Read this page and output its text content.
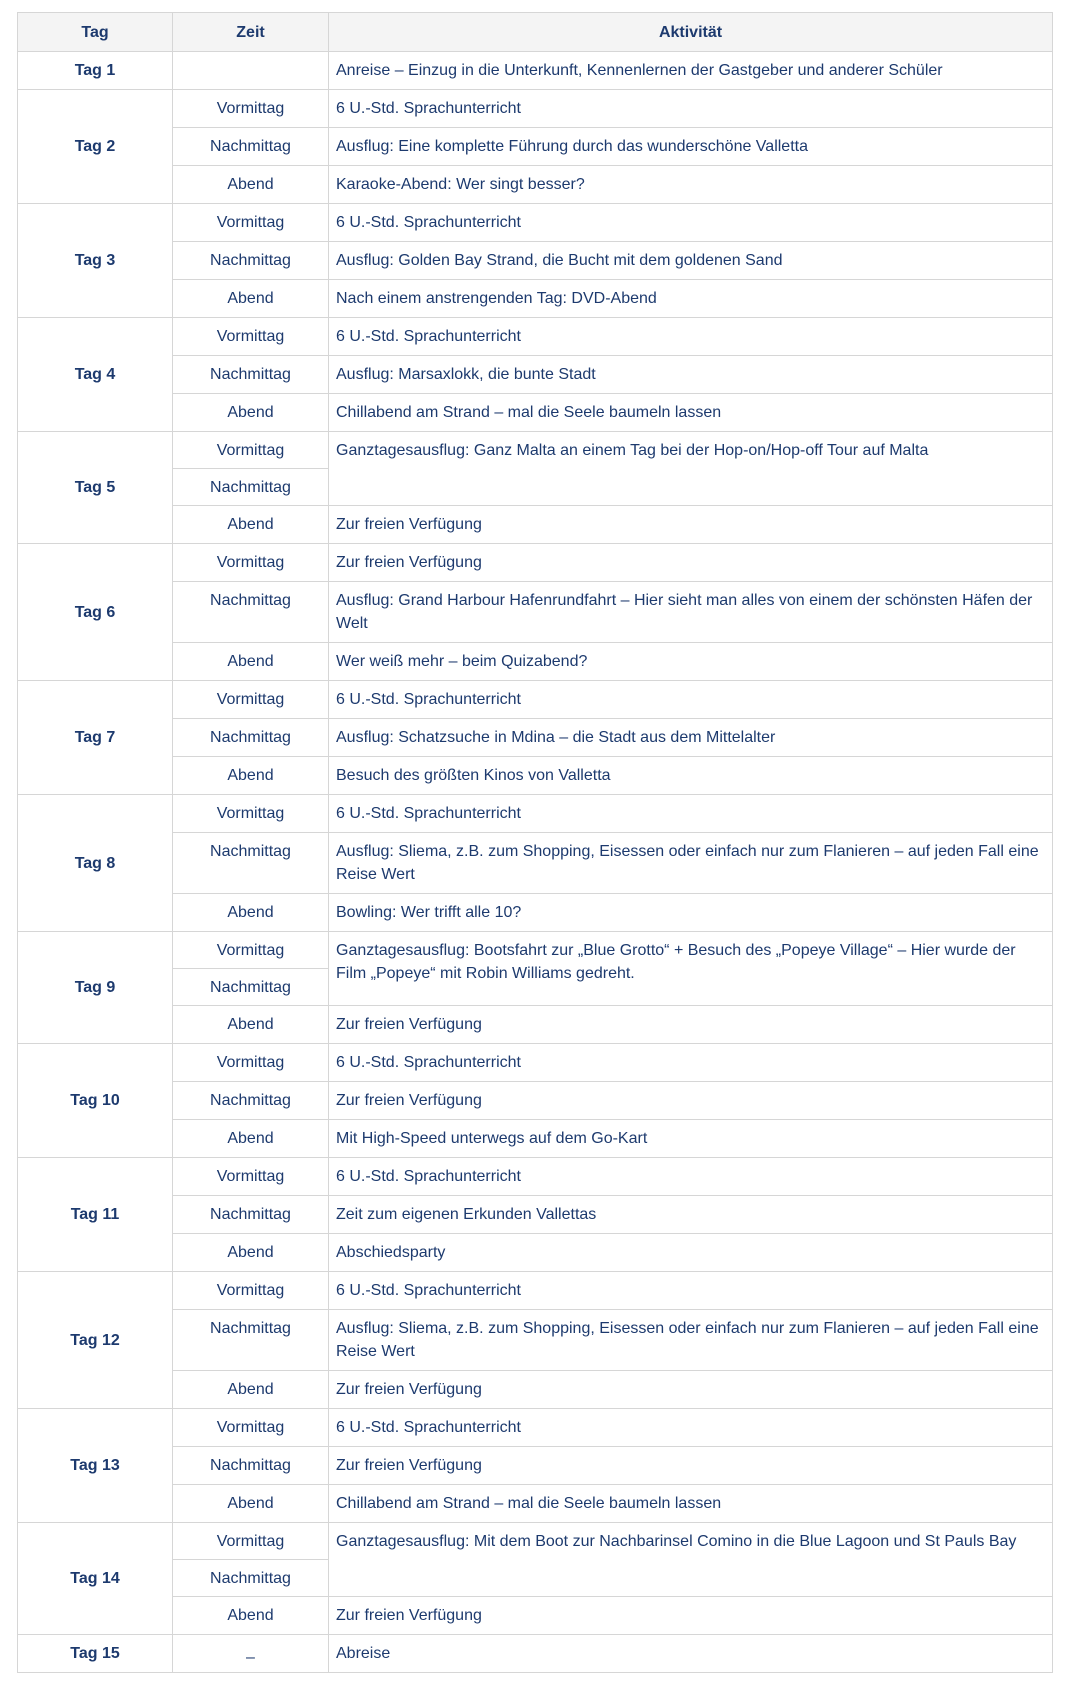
Tag	Zeit	Aktivität
Tag 1		Anreise – Einzug in die Unterkunft, Kennenlernen der Gastgeber und anderer Schüler
Tag 2	Vormittag	6 U.-Std. Sprachunterricht
	Nachmittag	Ausflug: Eine komplette Führung durch das wunderschöne Valletta
	Abend	Karaoke-Abend: Wer singt besser?
Tag 3	Vormittag	6 U.-Std. Sprachunterricht
	Nachmittag	Ausflug: Golden Bay Strand, die Bucht mit dem goldenen Sand
	Abend	Nach einem anstrengenden Tag: DVD-Abend
Tag 4	Vormittag	6 U.-Std. Sprachunterricht
	Nachmittag	Ausflug: Marsaxlokk, die bunte Stadt
	Abend	Chillabend am Strand – mal die Seele baumeln lassen
Tag 5	Vormittag	Ganztagesausflug: Ganz Malta an einem Tag bei der Hop-on/Hop-off Tour auf Malta
	Nachmittag	
	Abend	Zur freien Verfügung
Tag 6	Vormittag	Zur freien Verfügung
	Nachmittag	Ausflug: Grand Harbour Hafenrundfahrt – Hier sieht man alles von einem der schönsten Häfen der Welt
	Abend	Wer weiß mehr – beim Quizabend?
Tag 7	Vormittag	6 U.-Std. Sprachunterricht
	Nachmittag	Ausflug: Schatzsuche in Mdina – die Stadt aus dem Mittelalter
	Abend	Besuch des größten Kinos von Valletta
Tag 8	Vormittag	6 U.-Std. Sprachunterricht
	Nachmittag	Ausflug: Sliema, z.B. zum Shopping, Eisessen oder einfach nur zum Flanieren – auf jeden Fall eine Reise Wert
	Abend	Bowling: Wer trifft alle 10?
Tag 9	Vormittag	Ganztagesausflug: Bootsfahrt zur „Blue Grotto“ + Besuch des „Popeye Village“ – Hier wurde der Film „Popeye“ mit Robin Williams gedreht.
	Nachmittag	
	Abend	Zur freien Verfügung
Tag 10	Vormittag	6 U.-Std. Sprachunterricht
	Nachmittag	Zur freien Verfügung
	Abend	Mit High-Speed unterwegs auf dem Go-Kart
Tag 11	Vormittag	6 U.-Std. Sprachunterricht
	Nachmittag	Zeit zum eigenen Erkunden Vallettas
	Abend	Abschiedsparty
Tag 12	Vormittag	6 U.-Std. Sprachunterricht
	Nachmittag	Ausflug: Sliema, z.B. zum Shopping, Eisessen oder einfach nur zum Flanieren – auf jeden Fall eine Reise Wert
	Abend	Zur freien Verfügung
Tag 13	Vormittag	6 U.-Std. Sprachunterricht
	Nachmittag	Zur freien Verfügung
	Abend	Chillabend am Strand – mal die Seele baumeln lassen
Tag 14	Vormittag	Ganztagesausflug: Mit dem Boot zur Nachbarinsel Comino in die Blue Lagoon und St Pauls Bay
	Nachmittag	
	Abend	Zur freien Verfügung
Tag 15	–	Abreise
